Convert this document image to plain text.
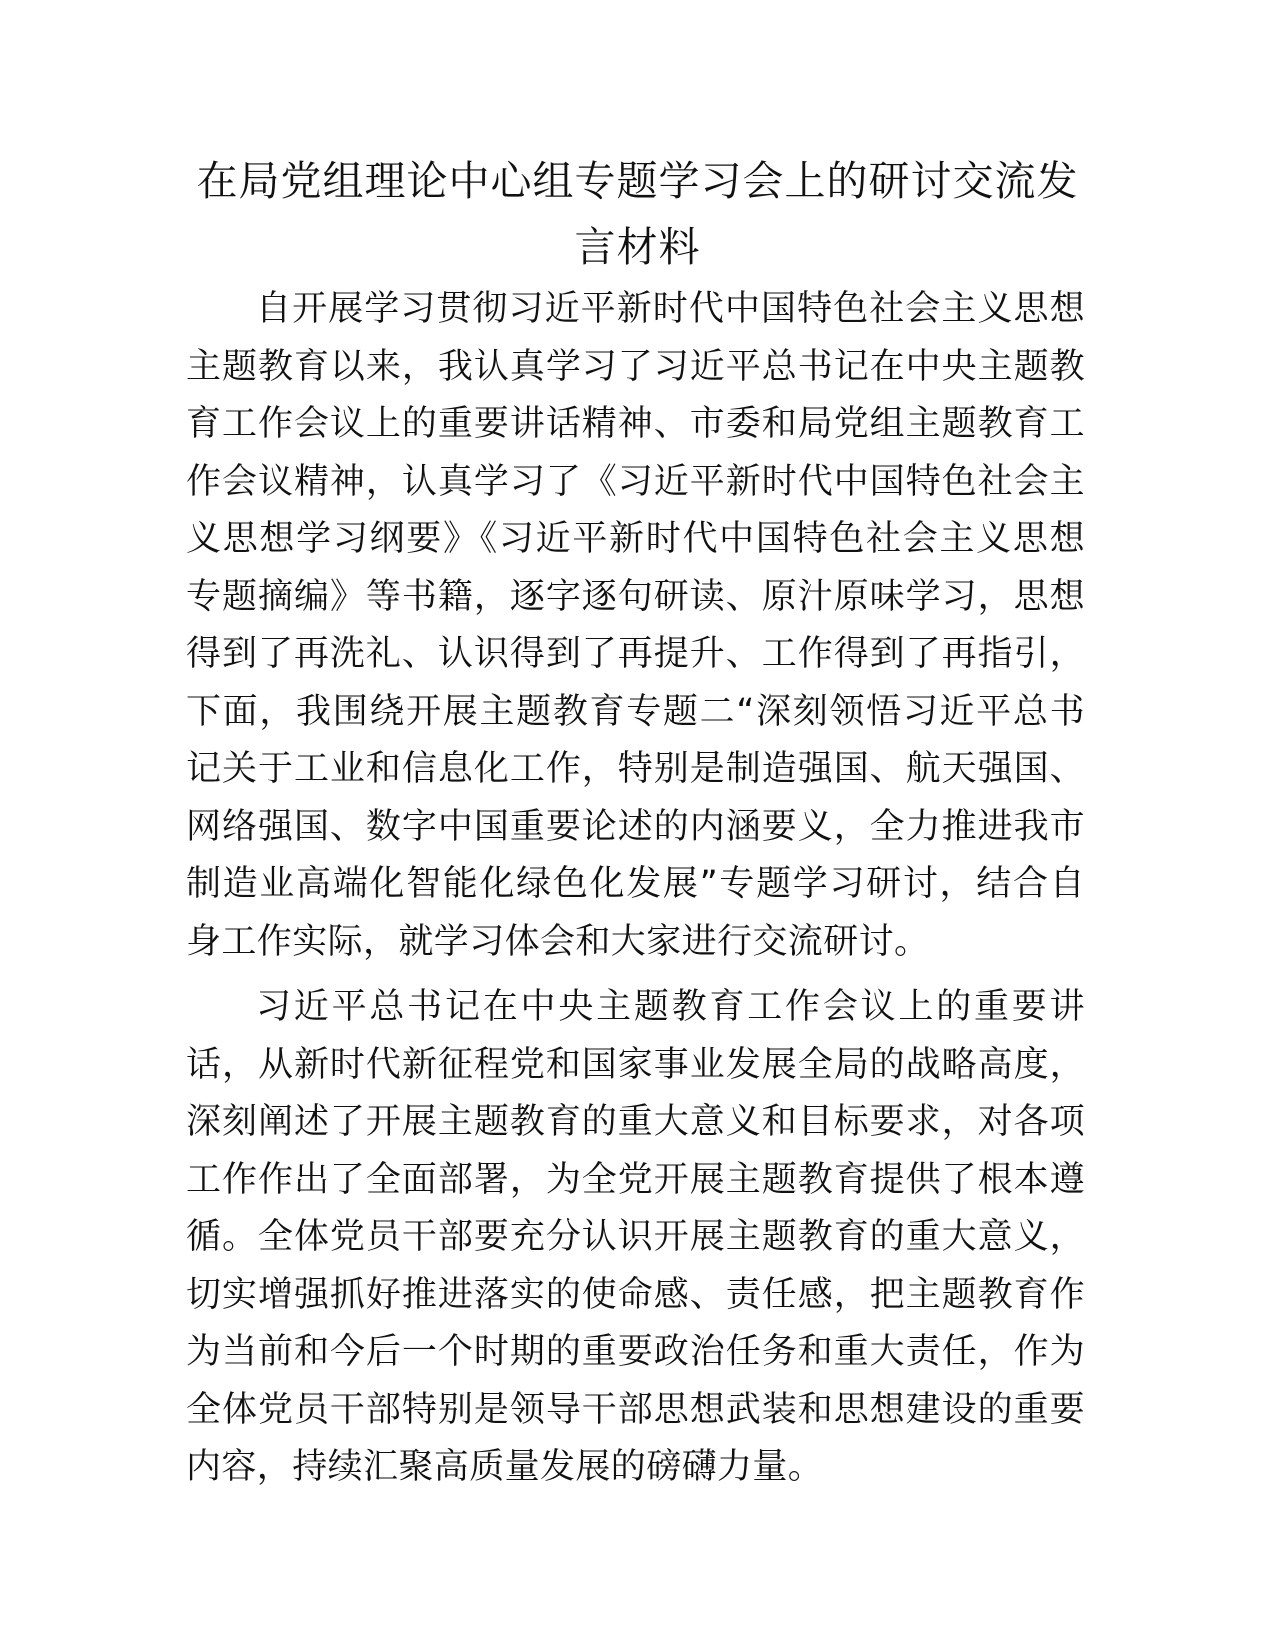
在局党组理论中心组专题学习会上的研讨交流发言材料

自开展学习贯彻习近平新时代中国特色社会主义思想主题教育以来，我认真学习了习近平总书记在中央主题教育工作会议上的重要讲话精神、市委和局党组主题教育工作会议精神，认真学习了《习近平新时代中国特色社会主义思想学习纲要》《习近平新时代中国特色社会主义思想专题摘编》等书籍，逐字逐句研读、原汁原味学习，思想得到了再洗礼、认识得到了再提升、工作得到了再指引，下面，我围绕开展主题教育专题二“深刻领悟习近平总书记关于工业和信息化工作，特别是制造强国、航天强国、网络强国、数字中国重要论述的内涵要义，全力推进我市制造业高端化智能化绿色化发展”专题学习研讨，结合自身工作实际，就学习体会和大家进行交流研讨。

习近平总书记在中央主题教育工作会议上的重要讲话，从新时代新征程党和国家事业发展全局的战略高度，深刻阐述了开展主题教育的重大意义和目标要求，对各项工作作出了全面部署，为全党开展主题教育提供了根本遵循。全体党员干部要充分认识开展主题教育的重大意义，切实增强抓好推进落实的使命感、责任感，把主题教育作为当前和今后一个时期的重要政治任务和重大责任，作为全体党员干部特别是领导干部思想武装和思想建设的重要内容，持续汇聚高质量发展的磅礴力量。
